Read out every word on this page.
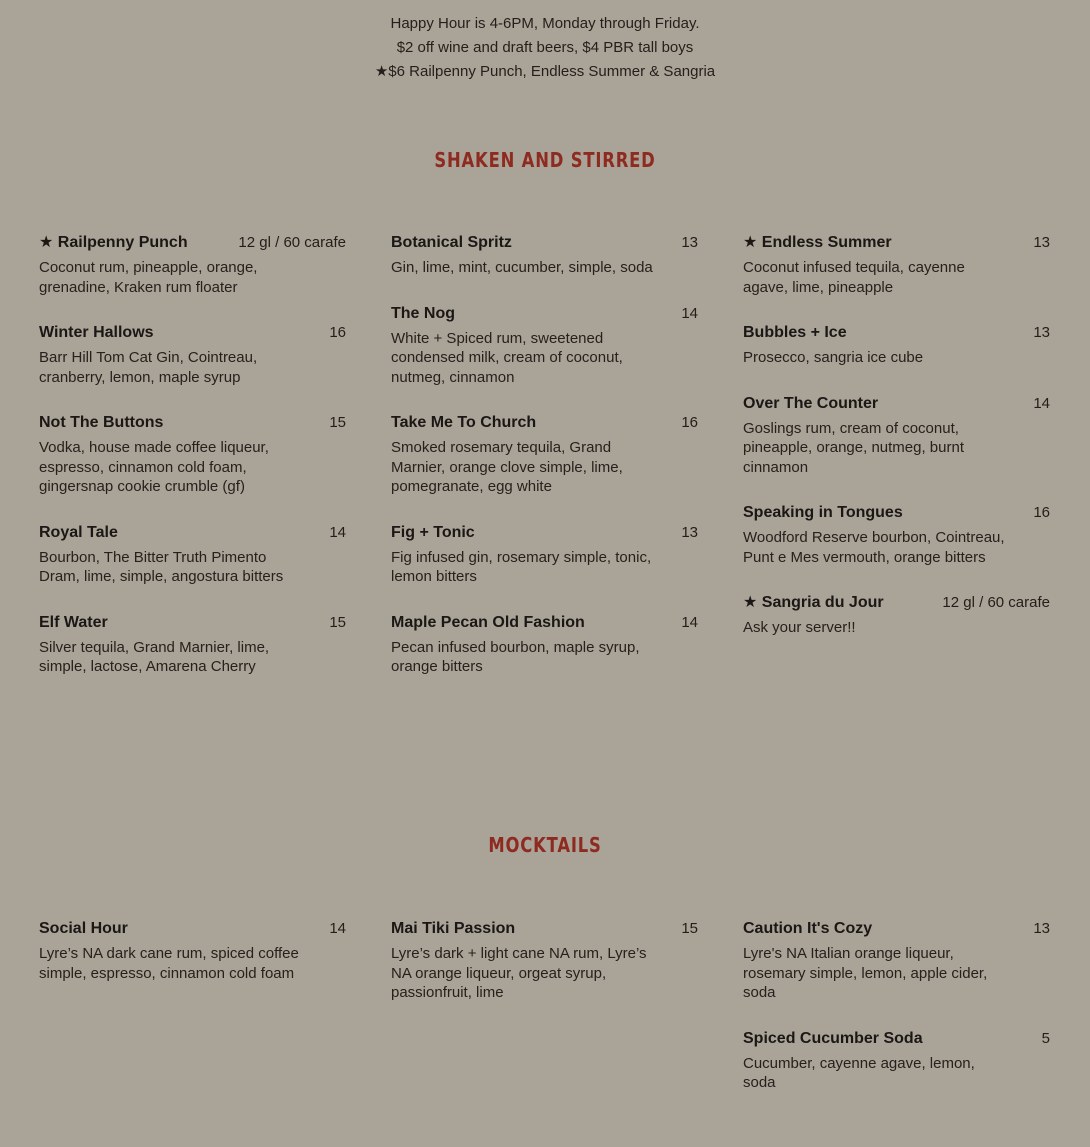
Happy Hour is 4-6PM, Monday through Friday.
$2 off wine and draft beers, $4 PBR tall boys
★$6 Railpenny Punch, Endless Summer & Sangria
SHAKEN AND STIRRED
★ Railpenny Punch	12 gl / 60 carafe
Coconut rum, pineapple, orange, grenadine, Kraken rum floater
Winter Hallows	16
Barr Hill Tom Cat Gin, Cointreau, cranberry, lemon, maple syrup
Not The Buttons	15
Vodka, house made coffee liqueur, espresso, cinnamon cold foam, gingersnap cookie crumble (gf)
Royal Tale	14
Bourbon, The Bitter Truth Pimento Dram, lime, simple, angostura bitters
Elf Water	15
Silver tequila, Grand Marnier, lime, simple, lactose, Amarena Cherry
Botanical Spritz	13
Gin, lime, mint, cucumber, simple, soda
The Nog	14
White + Spiced rum, sweetened condensed milk, cream of coconut, nutmeg, cinnamon
Take Me To Church	16
Smoked rosemary tequila, Grand Marnier, orange clove simple, lime, pomegranate, egg white
Fig + Tonic	13
Fig infused gin, rosemary simple, tonic, lemon bitters
Maple Pecan Old Fashion	14
Pecan infused bourbon, maple syrup, orange bitters
★ Endless Summer	13
Coconut infused tequila, cayenne agave, lime, pineapple
Bubbles + Ice	13
Prosecco, sangria ice cube
Over The Counter	14
Goslings rum, cream of coconut, pineapple, orange, nutmeg, burnt cinnamon
Speaking in Tongues	16
Woodford Reserve bourbon, Cointreau, Punt e Mes vermouth, orange bitters
★ Sangria du Jour	12 gl / 60 carafe
Ask your server!!
MOCKTAILS
Social Hour	14
Lyre’s NA dark cane rum, spiced coffee simple, espresso, cinnamon cold foam
Mai Tiki Passion	15
Lyre’s dark + light cane NA rum, Lyre’s NA orange liqueur, orgeat syrup, passionfruit, lime
Caution It's Cozy	13
Lyre's NA Italian orange liqueur, rosemary simple, lemon, apple cider, soda
Spiced Cucumber Soda	5
Cucumber, cayenne agave, lemon, soda
